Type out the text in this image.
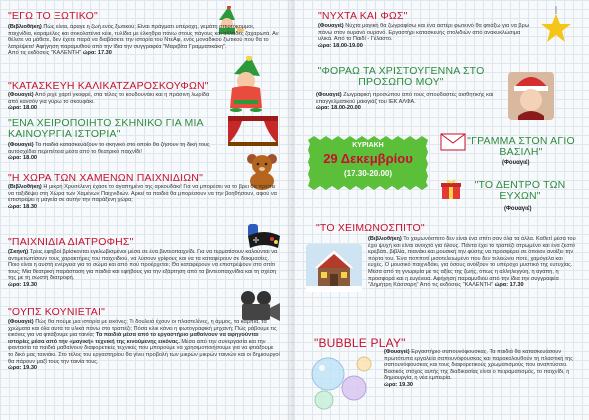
"ΕΓΩ ΤΟ ΞΩΤΙΚΟ"
(Βιβλιοθήκη) Πώς είναι, άραγε η ζωή ενός ξωτικού; Είναι πράγματι υπέροχη, γεμάτη σπιρτόκομμοι, παιχνίδια, καραμέλες και σοκολατένια κέικ, τυλίδια με έλκηθρα πάνω στους πάγους και αλλάδες ζαχαρωτά. Αν θέλετε να μάθετε, δεν έχετε παρά να διαβάσετε την ιστορία του ΝτεΑφ, ενός μοναδικού ξωτικού που θα το λατρέψετε! Αφήγηση παραμυθιού από την ίδια την συγγραφέα "Μαριβίτα Γραμματικάκη".
Από τις εκδόσεις "ΚΑΛΕΝΤΗ" ώρα: 17.30
"ΚΑΤΑΣΚΕΥΗ ΚΑΛΙΚΑΤΖΑΡΟΣΚΟΥΦΩΝ"
(Φουαγιέ) Από ριχέ χαρτί γκοφρέ, στα τέλος το κουδουνάκι και η πράσινη λωρίδα από κανσόν για γύρω το σκουφάκι.
ώρα: 18.00
"ΕΝΑ ΧΕΙΡΟΠΟΙΗΤΟ ΣΚΗΝΙΚΟ ΓΙΑ ΜΙΑ ΚΑΙΝΟΥΡΓΙΑ ΙΣΤΟΡΙΑ"
(Φουαγιέ) Τα παιδιά κατασκευάζουν το σκηνικό στο οποίο θα ζήσουν τη δική τους αυτοσχέδια περιπέτεια μέσα από το θεατρικό παιχνίδι!
ώρα: 18.00
"Η ΧΩΡΑ ΤΩΝ ΧΑΜΕΝΩΝ ΠΑΙΧΝΙΔΙΩΝ"
(Βιβλιοθήκη) Η μικρή Χρυσέλενη έχασε το αγαπημένο της αρκουδάκι! Για να μπορέσει να το βρει θα πρέπει να ταξιδέψει στη Χώρα των Χαμένων Παιχνιδιών. Αρκεί τα παιδιά θα μπορέσουν να την βοηθήσουν, αφού να επιστρέψει η μαγεία σε αυτήν την παράξενη χώρα;
ώρα: 18.30
"ΠΑΙΧΝΙΔΙΑ ΔΙΑΤΡΟΦΗΣ"
(Σκηνή) Τρεις εφηβοί βρίσκονται εγκλωβισμένοι μέσα σε ένα βιντεοπαιχνίδι. Για να τερματίσουν καλούνται να αντιμετωπίσουν τους χαρακτήρες του παιχνιδιού, να λύσουν γρίφους και να τα καταφέρουν σε δοκιμασίες. Ποιο είναι η αυστή ενέργεια για το σώμα και από πού προέρχεται; Θα καταφέρουν να επιστρέψουν στο σπίτι τους; Μια θεατρική παράσταση για παιδιά και εφήβους για την εξάρτηση από τα βιντεοπαιχνίδια και τη σχέση της με τη σωστή διατροφή.
ώρα: 19.30
"ΟΥΠΣ ΚΟΥΝΙΕΤΑΙ"
(Φουαγιέ) Πώς θα πούμε μια ιστορία με εικόνες; Τι δουλειά έχουν οι πλαστελίνες, η άμμος, τα καρπιά, τα χρώματα και όλα αυτά τα υλικά πάνω στο τραπέζι; Πόσα κλικ κάνει η φωτογραφική μηχανή; Πώς ράβουμε τις εικόνες για να φτιάξουμε μια ταινία; Τα παιδιά μέσα από το εργαστήριο μαθαίνουν να αφηγούνται ιστορίες μέσα από την «μαγική» τεχνική της κινούμενης εικόνας. Μέσα από την συνεργασία και την φαντασία τα παιδιά μαθαίνουν διαφορετικές τεχνικές που μπορούμε να χρησιμοποιήσουμε για να φτιάξουμε το δικό μας ταινιάκι. Στο τέλος του εργαστηρίου θα γίνει προβολή των μικρών μικρών ταινιών και οι δημιουργοί θα πάρουν μαζί τους την ταινία τους.
ώρα: 19.30
"ΝΥΧΤΑ ΚΑΙ ΦΩΣ"
(Φουαγιέ) Νύχτα μαγική θα ζωγραφίσω και ένα αστέρι φωτεινό θα φτιάξω για να βρω πάνω στον ουρανό ουρανό. Εργαστήρι κατασκευής στολιδιών από ανακυκλώσιμα υλικά. Από το Παιδί - Γέλαστο.
ώρα: 18.00-19.00
"ΦΟΡΑΩ ΤΑ ΧΡΙΣΤΟΥΓΕΝΝΑ ΣΤΟ ΠΡΟΣΩΠΟ ΜΟΥ"
(Φουαγιέ) Ζωγραφική προσώπου από τους σπουδαστές αισθητικής και επαγγελματικού μακιγιάζ του ΙΕΚ ΑΛΦΑ.
ώρα: 18.00-20.00
ΚΥΡΙΑΚΗ
29 Δεκεμβρίου
(17.30-20.00)
"ΓΡΑΜΜΑ ΣΤΟΝ ΑΓΙΟ ΒΑΣΙΛΗ"
(Φουαγιέ)
"ΤΟ ΔΕΝΤΡΟ ΤΩΝ ΕΥΧΩΝ"
(Φουαγιέ)
"ΤΟ ΧΕΙΜΩΝΟΣΠΙΤΟ"
(Βιβλιοθήκη) Το χειμωνόσπιτο δεν είναι ένα σπίτι σαν όλα τα άλλα. Καθετί μέσα του έχει ψυχή και είναι ανοιχτό για όλους. Πάντα έχει το τραπέζι στρωμένο και ένα ζεστό κρεβάτι, βιβλία, πιανάκι και μουσική την φύσης να προσφέρει σε όποιον ανοίξει την πόρτα του. Ένα ποπποτί μισοτελειωμένο που δεν τελειώνει ποτέ, χαμόγελα και ευχές. Ο μουσικό παιχνιδάκι, για όσους ανοίξουν το υπέροχο μυστικό της ευτυχίας. Μέσα από τη γνωριμία με τις αξίες της ζωής, όπως η αλληλεγγύη, η αγάπη, η προσφορά και η ευγένεια. Αφήγηση παραμυθιού από την ίδια την συγγραφέα "Δημήτρη Κάσσαρη" Από τις εκδόσεις "ΚΑΛΕΝΤΗ" ώρα: 17.30
"BUBBLE PLAY"
(Φουαγιέ) Εργαστήριο σαπουνόφουσκας. Τα παιδιά θα κατασκευάσουν πρωτότυπα εργαλεία σαπουνόφουσκας και παρακολουθούν τη πλαστική της σαπουνόφουσκας και τους διαφορετικούς χρωματισμούς που αναπτύσσει. Βασικός στόχος αυτής της διαδικασίας είναι ο πειραματισμός, το παιχνίδι, η δημιουργία, η νέα εμπειρία.
ώρα: 19.30
